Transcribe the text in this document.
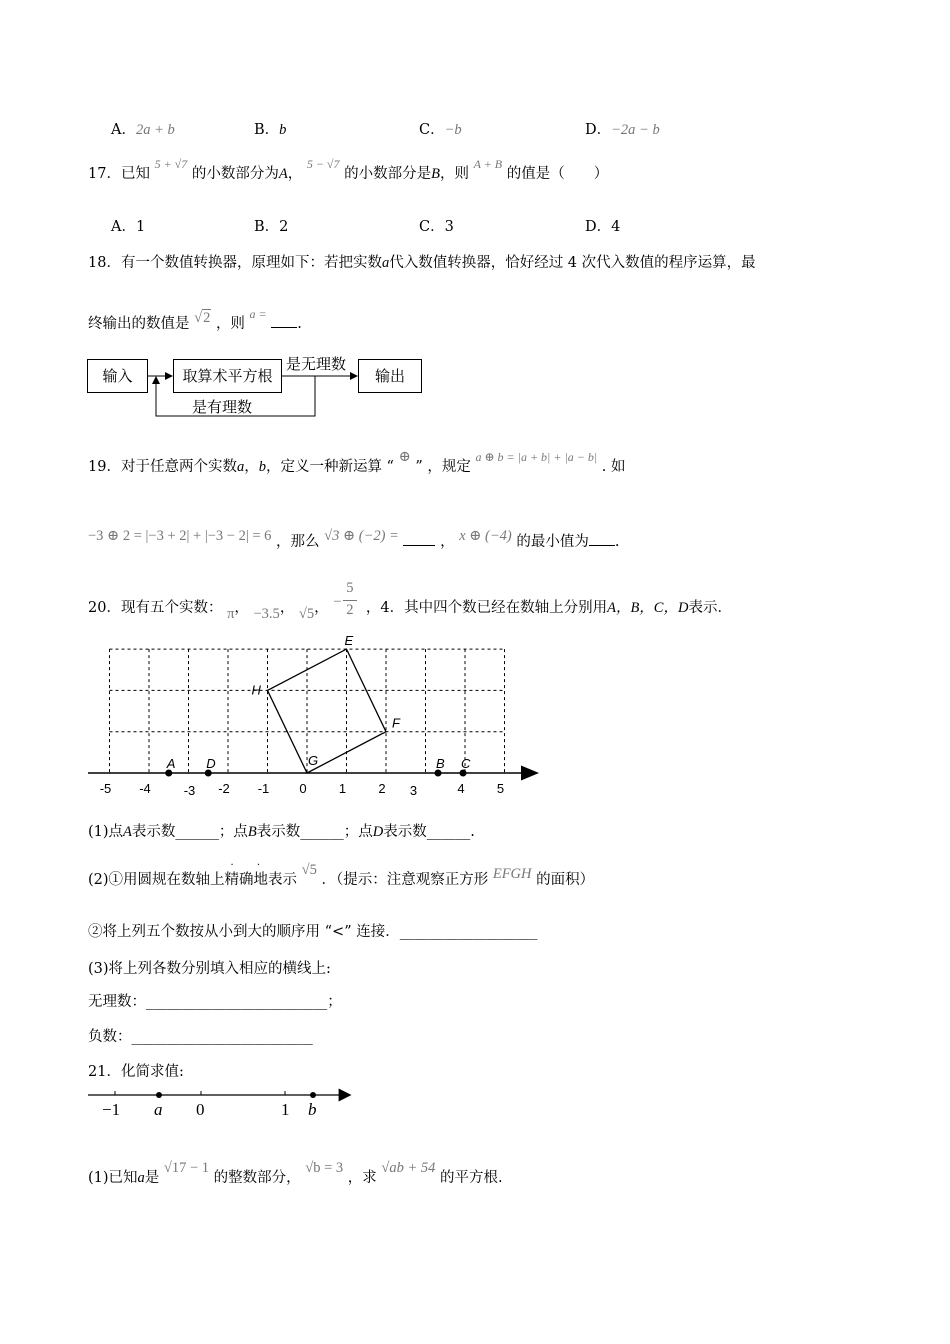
A．2a + b	B．b	C．−b	D．−2a − b
17．已知 $^{5 + √7}$ 的小数部分为A， $^{5 - √7}$ 的小数部分是B，则 $^{A + B}$ 的值是（　　）
A．1	B．2	C．3	D．4
18．有一个数值转换器，原理如下：若把实数a代入数值转换器，恰好经过 4 次代入数值的程序运算，最
终输出的数值是 √2 ，则 $^{a =}$ .
输入	取算术平方根	输出
是无理数
是有理数
19．对于任意两个实数a，b，定义一种新运算 “ ⊕ ” ，规定 $^{a \oplus b = |a + b| + |a - b|}$ . 如
−3 ⊕ 2 = |−3 + 2| + |−3 − 2| = 6 ，那么 √3 ⊕ (−2) =	， x ⊕ (−4) 的最小值为 .
20．现有五个实数： π， −3.5， √5， −
5
2 ，4．其中四个数已经在数轴上分别用A，B，C，D表示．
-5 -4	-3 -2 -1 0 1 2 3	4 5
E
F
G
H
A D	B C
(1)点A表示数______；点B表示数______；点D表示数______.
(2)①用圆规在数轴上精确地
· ·
表示 √5 ．（提示：注意观察正方形 EFGH 的面积）
②将上列五个数按从小到大的顺序用 “<” 连接．___________________
(3)将上列各数分别填入相应的横线上:
无理数：_________________________；
负数：_________________________
21．化简求值:
−1 a 0	1 b
(1)已知a是 √17 − 1 的整数部分， √b = 3 ，求 √ab + 54 的平方根.
